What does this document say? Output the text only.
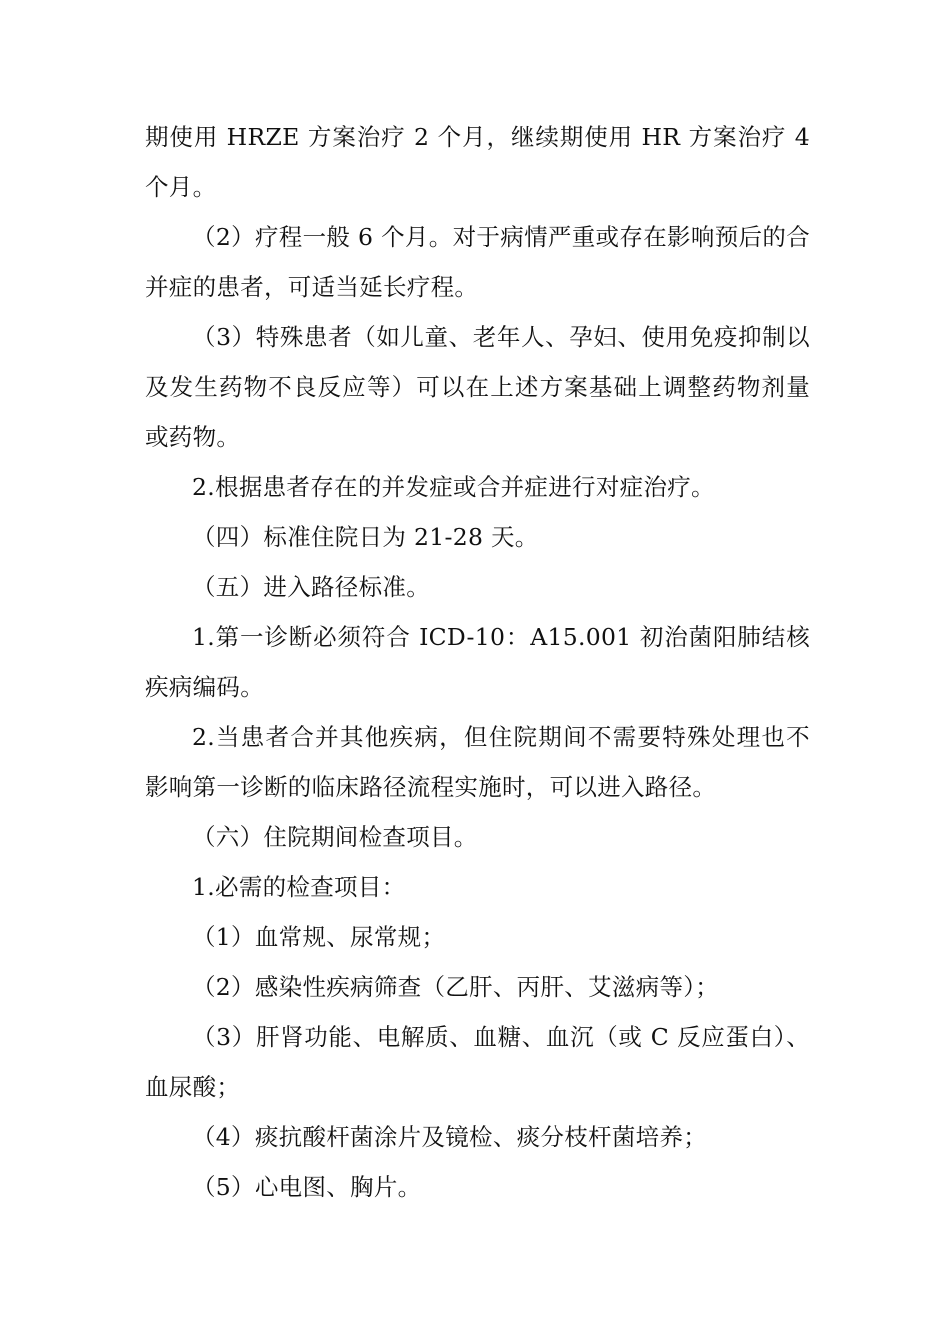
期使用 HRZE 方案治疗 2 个月，继续期使用 HR 方案治疗 4 个月。

（2）疗程一般 6 个月。对于病情严重或存在影响预后的合并症的患者，可适当延长疗程。

（3）特殊患者（如儿童、老年人、孕妇、使用免疫抑制以及发生药物不良反应等）可以在上述方案基础上调整药物剂量或药物。

2.根据患者存在的并发症或合并症进行对症治疗。

（四）标准住院日为 21-28 天。

（五）进入路径标准。

1.第一诊断必须符合 ICD-10：A15.001 初治菌阳肺结核疾病编码。

2.当患者合并其他疾病，但住院期间不需要特殊处理也不影响第一诊断的临床路径流程实施时，可以进入路径。

（六）住院期间检查项目。

1.必需的检查项目：

（1）血常规、尿常规；

（2）感染性疾病筛查（乙肝、丙肝、艾滋病等）；

（3）肝肾功能、电解质、血糖、血沉（或 C 反应蛋白）、血尿酸；

（4）痰抗酸杆菌涂片及镜检、痰分枝杆菌培养；

（5）心电图、胸片。
